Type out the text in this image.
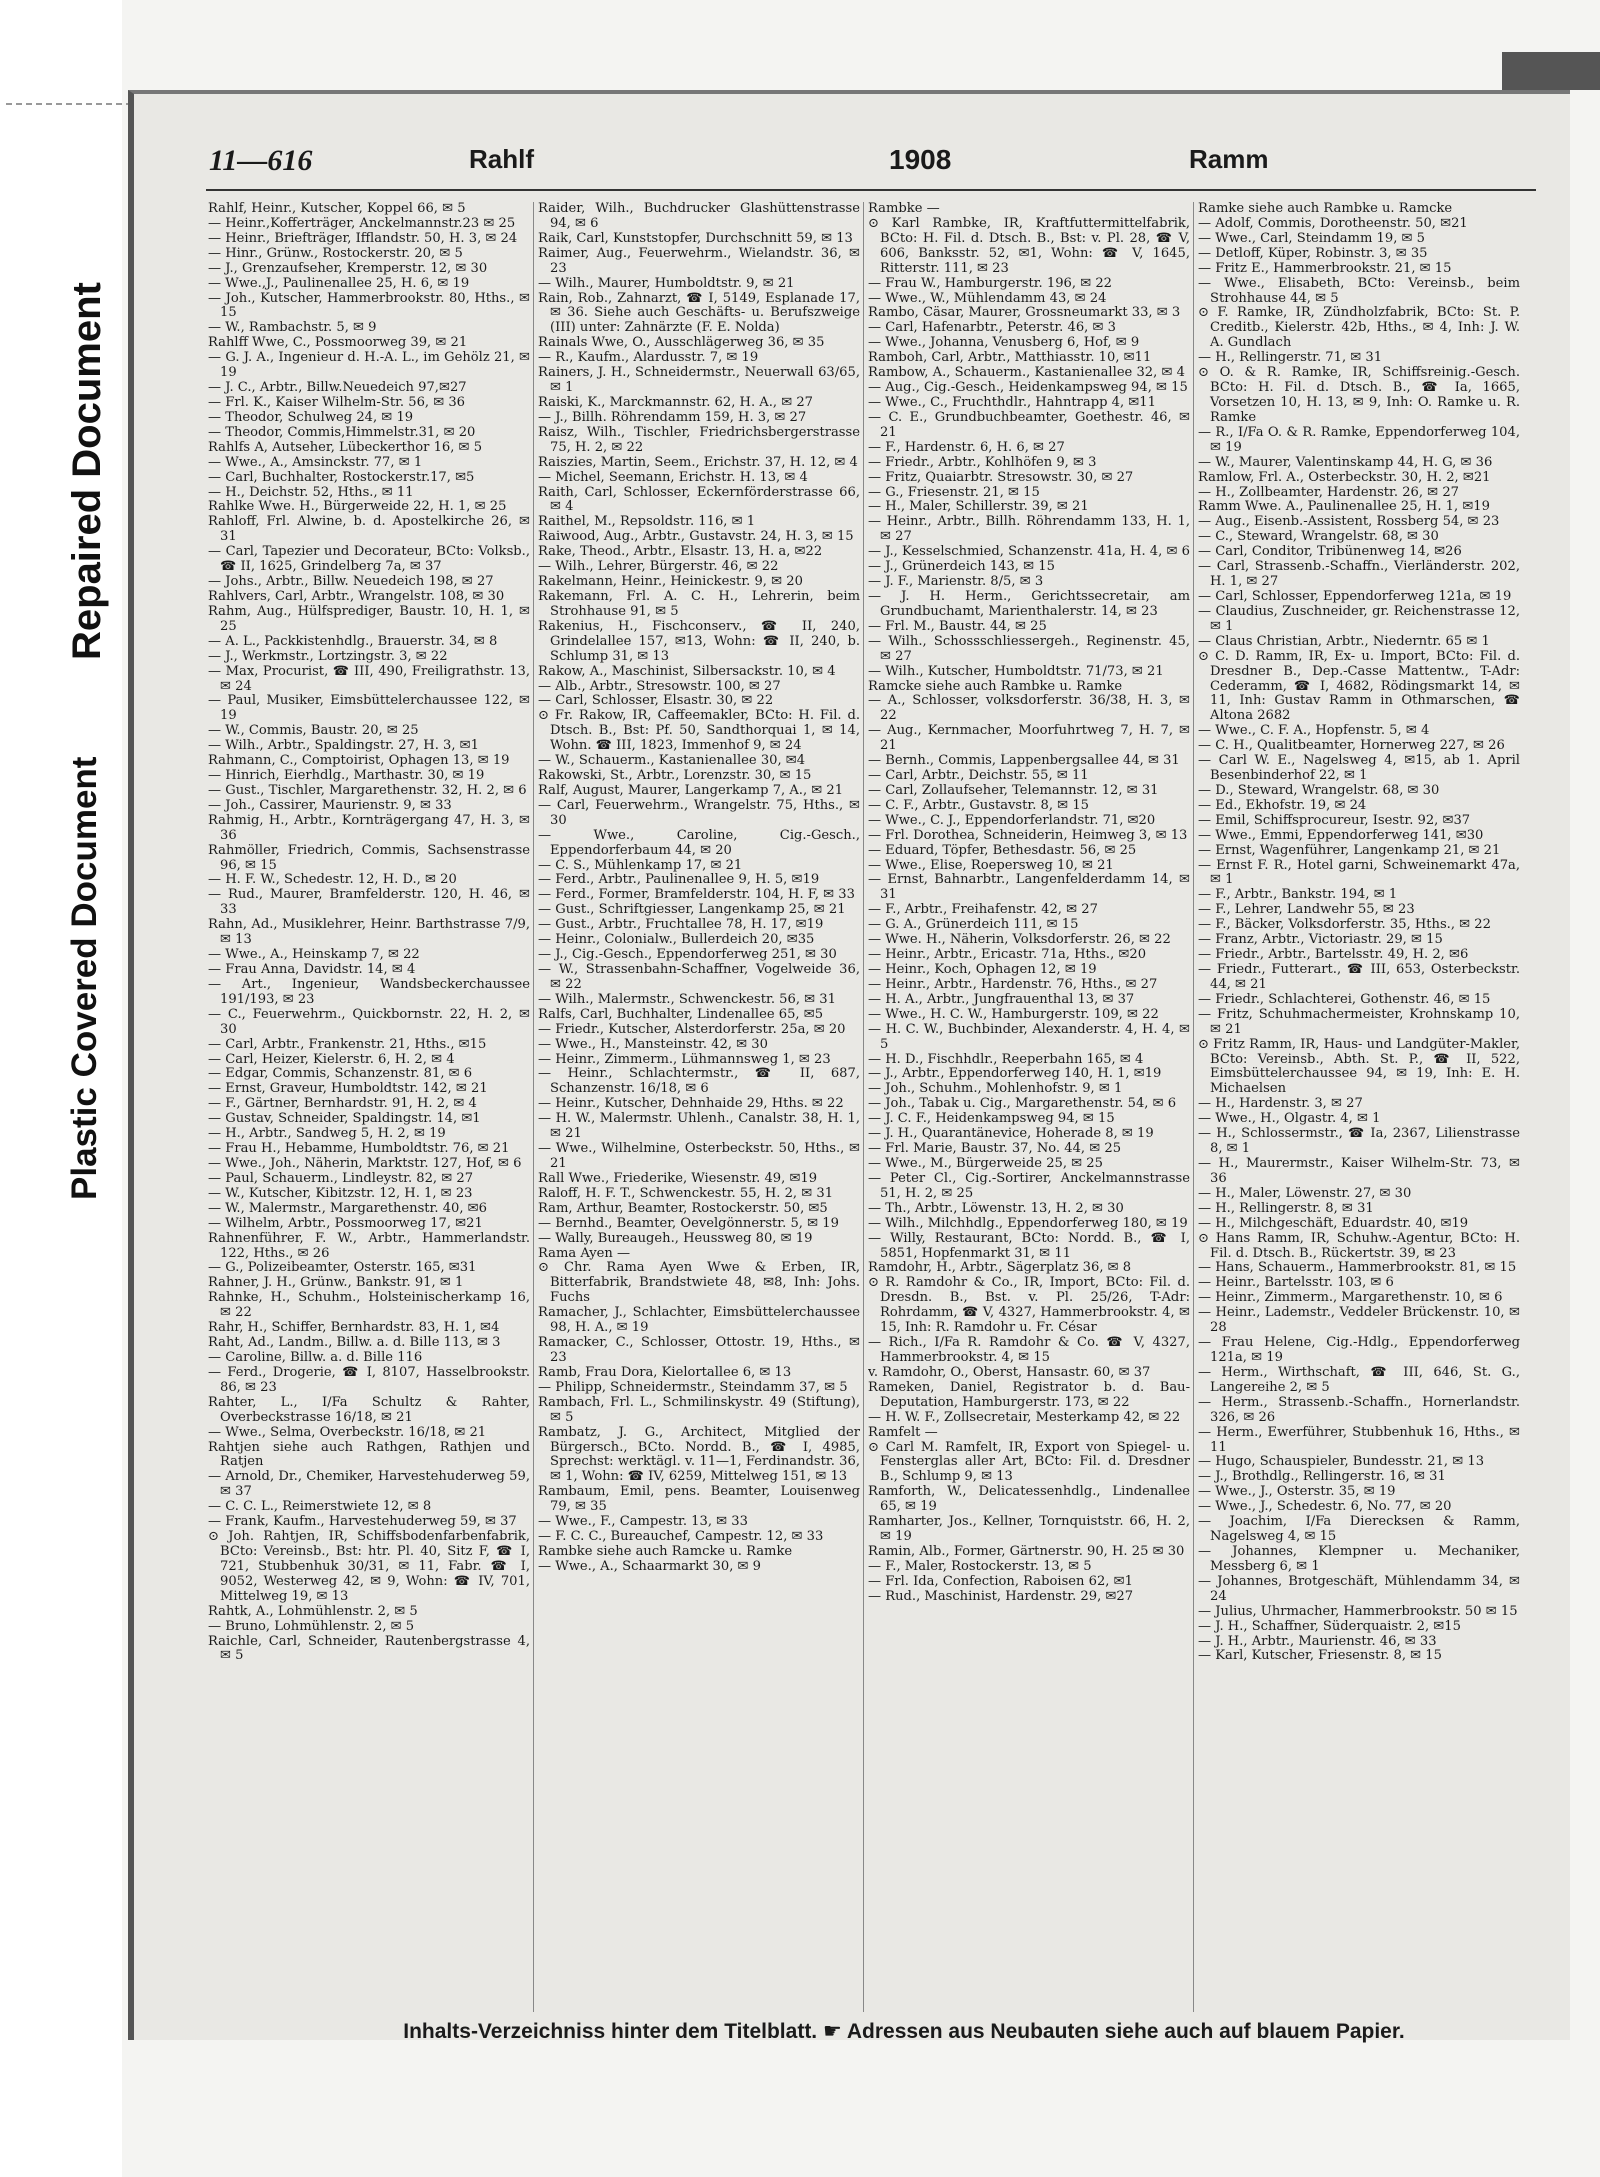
Repaired Document
Plastic Covered Document
11—616	Rahlf	1908	Ramm

Rahlf, Heinr., Kutscher, Koppel 66, ✉ 5

— Heinr.,Kofferträger, Anckelmannstr.23 ✉ 25

— Heinr., Briefträger, Ifflandstr. 50, H. 3, ✉ 24

— Hinr., Grünw., Rostockerstr. 20, ✉ 5

— J., Grenzaufseher, Kremperstr. 12, ✉ 30

— Wwe.,J., Paulinenallee 25, H. 6, ✉ 19

— Joh., Kutscher, Hammerbrookstr. 80, Hths., ✉ 15

— W., Rambachstr. 5, ✉ 9

Rahlff Wwe, C., Possmoorweg 39, ✉ 21

— G. J. A., Ingenieur d. H.-A. L., im Gehölz 21, ✉ 19

— J. C., Arbtr., Billw.Neuedeich 97,✉27

— Frl. K., Kaiser Wilhelm-Str. 56, ✉ 36

— Theodor, Schulweg 24, ✉ 19

— Theodor, Commis,Himmelstr.31, ✉ 20

Rahlfs A, Autseher, Lübeckerthor 16, ✉ 5

— Wwe., A., Amsinckstr. 77, ✉ 1

— Carl, Buchhalter, Rostockerstr.17, ✉5

— H., Deichstr. 52, Hths., ✉ 11

Rahlke Wwe. H., Bürgerweide 22, H. 1, ✉ 25

Rahloff, Frl. Alwine, b. d. Apostelkirche 26, ✉ 31

— Carl, Tapezier und Decorateur, BCto: Volksb., ☎ II, 1625, Grindelberg 7a, ✉ 37

— Johs., Arbtr., Billw. Neuedeich 198, ✉ 27

Rahlvers, Carl, Arbtr., Wrangelstr. 108, ✉ 30

Rahm, Aug., Hülfsprediger, Baustr. 10, H. 1, ✉ 25

— A. L., Packkistenhdlg., Brauerstr. 34, ✉ 8

— J., Werkmstr., Lortzingstr. 3, ✉ 22

— Max, Procurist, ☎ III, 490, Freiligrathstr. 13, ✉ 24

— Paul, Musiker, Eimsbüttelerchaussee 122, ✉ 19

— W., Commis, Baustr. 20, ✉ 25

— Wilh., Arbtr., Spaldingstr. 27, H. 3, ✉1

Rahmann, C., Comptoirist, Ophagen 13, ✉ 19

— Hinrich, Eierhdlg., Marthastr. 30, ✉ 19

— Gust., Tischler, Margarethenstr. 32, H. 2, ✉ 6

— Joh., Cassirer, Maurienstr. 9, ✉ 33

Rahmig, H., Arbtr., Kornträgergang 47, H. 3, ✉ 36

Rahmöller, Friedrich, Commis, Sachsenstrasse 96, ✉ 15

— H. F. W., Schedestr. 12, H. D., ✉ 20

— Rud., Maurer, Bramfelderstr. 120, H. 46, ✉ 33

Rahn, Ad., Musiklehrer, Heinr. Barthstrasse 7/9, ✉ 13

— Wwe., A., Heinskamp 7, ✉ 22

— Frau Anna, Davidstr. 14, ✉ 4

— Art., Ingenieur, Wandsbeckerchaussee 191/193, ✉ 23

— C., Feuerwehrm., Quickbornstr. 22, H. 2, ✉ 30

— Carl, Arbtr., Frankenstr. 21, Hths., ✉15

— Carl, Heizer, Kielerstr. 6, H. 2, ✉ 4

— Edgar, Commis, Schanzenstr. 81, ✉ 6

— Ernst, Graveur, Humboldtstr. 142, ✉ 21

— F., Gärtner, Bernhardstr. 91, H. 2, ✉ 4

— Gustav, Schneider, Spaldingstr. 14, ✉1

— H., Arbtr., Sandweg 5, H. 2, ✉ 19

— Frau H., Hebamme, Humboldtstr. 76, ✉ 21

— Wwe., Joh., Näherin, Marktstr. 127, Hof, ✉ 6

— Paul, Schauerm., Lindleystr. 82, ✉ 27

— W., Kutscher, Kibitzstr. 12, H. 1, ✉ 23

— W., Malermstr., Margarethenstr. 40, ✉6

— Wilhelm, Arbtr., Possmoorweg 17, ✉21

Rahnenführer, F. W., Arbtr., Hammerlandstr. 122, Hths., ✉ 26

— G., Polizeibeamter, Osterstr. 165, ✉31

Rahner, J. H., Grünw., Bankstr. 91, ✉ 1

Rahnke, H., Schuhm., Holsteinischerkamp 16, ✉ 22

Rahr, H., Schiffer, Bernhardstr. 83, H. 1, ✉4

Raht, Ad., Landm., Billw. a. d. Bille 113, ✉ 3

— Caroline, Billw. a. d. Bille 116

— Ferd., Drogerie, ☎ I, 8107, Hasselbrookstr. 86, ✉ 23

Rahter, L., I/Fa Schultz & Rahter, Overbeckstrasse 16/18, ✉ 21

— Wwe., Selma, Overbeckstr. 16/18, ✉ 21

Rahtjen siehe auch Rathgen, Rathjen und Ratjen

— Arnold, Dr., Chemiker, Harvestehuderweg 59, ✉ 37

— C. C. L., Reimerstwiete 12, ✉ 8

— Frank, Kaufm., Harvestehuderweg 59, ✉ 37

⊙ Joh. Rahtjen, IR, Schiffsbodenfarbenfabrik, BCto: Vereinsb., Bst: htr. Pl. 40, Sitz F, ☎ I, 721, Stubbenhuk 30/31, ✉ 11, Fabr. ☎ I, 9052, Westerweg 42, ✉ 9, Wohn: ☎ IV, 701, Mittelweg 19, ✉ 13

Rahtk, A., Lohmühlenstr. 2, ✉ 5

— Bruno, Lohmühlenstr. 2, ✉ 5

Raichle, Carl, Schneider, Rautenbergstrasse 4, ✉ 5

Raider, Wilh., Buchdrucker Glashüttenstrasse 94, ✉ 6

Raik, Carl, Kunststopfer, Durchschnitt 59, ✉ 13

Raimer, Aug., Feuerwehrm., Wielandstr. 36, ✉ 23

— Wilh., Maurer, Humboldtstr. 9, ✉ 21

Rain, Rob., Zahnarzt, ☎ I, 5149, Esplanade 17, ✉ 36. Siehe auch Geschäfts- u. Berufszweige (III) unter: Zahnärzte (F. E. Nolda)

Rainals Wwe, O., Ausschlägerweg 36, ✉ 35

— R., Kaufm., Alardusstr. 7, ✉ 19

Rainers, J. H., Schneidermstr., Neuerwall 63/65, ✉ 1

Raiski, K., Marckmannstr. 62, H. A., ✉ 27

— J., Billh. Röhrendamm 159, H. 3, ✉ 27

Raisz, Wilh., Tischler, Friedrichsbergerstrasse 75, H. 2, ✉ 22

Raiszies, Martin, Seem., Erichstr. 37, H. 12, ✉ 4

— Michel, Seemann, Erichstr. H. 13, ✉ 4

Raith, Carl, Schlosser, Eckernförderstrasse 66, ✉ 4

Raithel, M., Repsoldstr. 116, ✉ 1

Raiwood, Aug., Arbtr., Gustavstr. 24, H. 3, ✉ 15

Rake, Theod., Arbtr., Elsastr. 13, H. a, ✉22

— Wilh., Lehrer, Bürgerstr. 46, ✉ 22

Rakelmann, Heinr., Heinickestr. 9, ✉ 20

Rakemann, Frl. A. C. H., Lehrerin, beim Strohhause 91, ✉ 5

Rakenius, H., Fischconserv., ☎ II, 240, Grindelallee 157, ✉13, Wohn: ☎ II, 240, b. Schlump 31, ✉ 13

Rakow, A., Maschinist, Silbersackstr. 10, ✉ 4

— Alb., Arbtr., Stresowstr. 100, ✉ 27

— Carl, Schlosser, Elsastr. 30, ✉ 22

⊙ Fr. Rakow, IR, Caffeemakler, BCto: H. Fil. d. Dtsch. B., Bst: Pf. 50, Sandthorquai 1, ✉ 14, Wohn. ☎ III, 1823, Immenhof 9, ✉ 24

— W., Schauerm., Kastanienallee 30, ✉4

Rakowski, St., Arbtr., Lorenzstr. 30, ✉ 15

Ralf, August, Maurer, Langerkamp 7, A., ✉ 21

— Carl, Feuerwehrm., Wrangelstr. 75, Hths., ✉ 30

— Wwe., Caroline, Cig.-Gesch., Eppendorferbaum 44, ✉ 20

— C. S., Mühlenkamp 17, ✉ 21

— Ferd., Arbtr., Paulinenallee 9, H. 5, ✉19

— Ferd., Former, Bramfelderstr. 104, H. F, ✉ 33

— Gust., Schriftgiesser, Langenkamp 25, ✉ 21

— Gust., Arbtr., Fruchtallee 78, H. 17, ✉19

— Heinr., Colonialw., Bullerdeich 20, ✉35

— J., Cig.-Gesch., Eppendorferweg 251, ✉ 30

— W., Strassenbahn-Schaffner, Vogelweide 36, ✉ 22

— Wilh., Malermstr., Schwenckestr. 56, ✉ 31

Ralfs, Carl, Buchhalter, Lindenallee 65, ✉5

— Friedr., Kutscher, Alsterdorferstr. 25a, ✉ 20

— Wwe., H., Mansteinstr. 42, ✉ 30

— Heinr., Zimmerm., Lühmannsweg 1, ✉ 23

— Heinr., Schlachtermstr., ☎ II, 687, Schanzenstr. 16/18, ✉ 6

— Heinr., Kutscher, Dehnhaide 29, Hths. ✉ 22

— H. W., Malermstr. Uhlenh., Canalstr. 38, H. 1, ✉ 21

— Wwe., Wilhelmine, Osterbeckstr. 50, Hths., ✉ 21

Rall Wwe., Friederike, Wiesenstr. 49, ✉19

Raloff, H. F. T., Schwenckestr. 55, H. 2, ✉ 31

Ram, Arthur, Beamter, Rostockerstr. 50, ✉5

— Bernhd., Beamter, Oevelgönnerstr. 5, ✉ 19

— Wally, Bureaugeh., Heussweg 80, ✉ 19

Rama Ayen —

⊙ Chr. Rama Ayen Wwe & Erben, IR, Bitterfabrik, Brandstwiete 48, ✉8, Inh: Johs. Fuchs

Ramacher, J., Schlachter, Eimsbüttelerchaussee 98, H. A., ✉ 19

Ramacker, C., Schlosser, Ottostr. 19, Hths., ✉ 23

Ramb, Frau Dora, Kielortallee 6, ✉ 13

— Philipp, Schneidermstr., Steindamm 37, ✉ 5

Rambach, Frl. L., Schmilinskystr. 49 (Stiftung), ✉ 5

Rambatz, J. G., Architect, Mitglied der Bürgersch., BCto. Nordd. B., ☎ I, 4985, Sprechst: werktägl. v. 11—1, Ferdinandstr. 36, ✉ 1, Wohn: ☎ IV, 6259, Mittelweg 151, ✉ 13

Rambaum, Emil, pens. Beamter, Louisenweg 79, ✉ 35

— Wwe., F., Campestr. 13, ✉ 33

— F. C. C., Bureauchef, Campestr. 12, ✉ 33

Rambke siehe auch Ramcke u. Ramke

— Wwe., A., Schaarmarkt 30, ✉ 9

Rambke —

⊙ Karl Rambke, IR, Kraftfuttermittelfabrik, BCto: H. Fil. d. Dtsch. B., Bst: v. Pl. 28, ☎ V, 606, Banksstr. 52, ✉1, Wohn: ☎ V, 1645, Ritterstr. 111, ✉ 23

— Frau W., Hamburgerstr. 196, ✉ 22

— Wwe., W., Mühlendamm 43, ✉ 24

Rambo, Cäsar, Maurer, Grossneumarkt 33, ✉ 3

— Carl, Hafenarbtr., Peterstr. 46, ✉ 3

— Wwe., Johanna, Venusberg 6, Hof, ✉ 9

Ramboh, Carl, Arbtr., Matthiasstr. 10, ✉11

Rambow, A., Schauerm., Kastanienallee 32, ✉ 4

— Aug., Cig.-Gesch., Heidenkampsweg 94, ✉ 15

— Wwe., C., Fruchthdlr., Hahntrapp 4, ✉11

— C. E., Grundbuchbeamter, Goethestr. 46, ✉ 21

— F., Hardenstr. 6, H. 6, ✉ 27

— Friedr., Arbtr., Kohlhöfen 9, ✉ 3

— Fritz, Quaiarbtr. Stresowstr. 30, ✉ 27

— G., Friesenstr. 21, ✉ 15

— H., Maler, Schillerstr. 39, ✉ 21

— Heinr., Arbtr., Billh. Röhrendamm 133, H. 1, ✉ 27

— J., Kesselschmied, Schanzenstr. 41a, H. 4, ✉ 6

— J., Grünerdeich 143, ✉ 15

— J. F., Marienstr. 8/5, ✉ 3

— J. H. Herm., Gerichtssecretair, am Grundbuchamt, Marienthalerstr. 14, ✉ 23

— Frl. M., Baustr. 44, ✉ 25

— Wilh., Schossschliessergeh., Reginenstr. 45, ✉ 27

— Wilh., Kutscher, Humboldtstr. 71/73, ✉ 21

Ramcke siehe auch Rambke u. Ramke

— A., Schlosser, volksdorferstr. 36/38, H. 3, ✉ 22

— Aug., Kernmacher, Moorfuhrtweg 7, H. 7, ✉ 21

— Bernh., Commis, Lappenbergsallee 44, ✉ 31

— Carl, Arbtr., Deichstr. 55, ✉ 11

— Carl, Zollaufseher, Telemannstr. 12, ✉ 31

— C. F., Arbtr., Gustavstr. 8, ✉ 15

— Wwe., C. J., Eppendorferlandstr. 71, ✉20

— Frl. Dorothea, Schneiderin, Heimweg 3, ✉ 13

— Eduard, Töpfer, Bethesdastr. 56, ✉ 25

— Wwe., Elise, Roepersweg 10, ✉ 21

— Ernst, Bahnarbtr., Langenfelderdamm 14, ✉ 31

— F., Arbtr., Freihafenstr. 42, ✉ 27

— G. A., Grünerdeich 111, ✉ 15

— Wwe. H., Näherin, Volksdorferstr. 26, ✉ 22

— Heinr., Arbtr., Ericastr. 71a, Hths., ✉20

— Heinr., Koch, Ophagen 12, ✉ 19

— Heinr., Arbtr., Hardenstr. 76, Hths., ✉ 27

— H. A., Arbtr., Jungfrauenthal 13, ✉ 37

— Wwe., H. C. W., Hamburgerstr. 109, ✉ 22

— H. C. W., Buchbinder, Alexanderstr. 4, H. 4, ✉ 5

— H. D., Fischhdlr., Reeperbahn 165, ✉ 4

— J., Arbtr., Eppendorferweg 140, H. 1, ✉19

— Joh., Schuhm., Mohlenhofstr. 9, ✉ 1

— Joh., Tabak u. Cig., Margarethenstr. 54, ✉ 6

— J. C. F., Heidenkampsweg 94, ✉ 15

— J. H., Quarantänevice, Hoherade 8, ✉ 19

— Frl. Marie, Baustr. 37, No. 44, ✉ 25

— Wwe., M., Bürgerweide 25, ✉ 25

— Peter Cl., Cig.-Sortirer, Anckelmannstrasse 51, H. 2, ✉ 25

— Th., Arbtr., Löwenstr. 13, H. 2, ✉ 30

— Wilh., Milchhdlg., Eppendorferweg 180, ✉ 19

— Willy, Restaurant, BCto: Nordd. B., ☎ I, 5851, Hopfenmarkt 31, ✉ 11

Ramdohr, H., Arbtr., Sägerplatz 36, ✉ 8

⊙ R. Ramdohr & Co., IR, Import, BCto: Fil. d. Dresdn. B., Bst. v. Pl. 25/26, T-Adr: Rohrdamm, ☎ V, 4327, Hammerbrookstr. 4, ✉ 15, Inh: R. Ramdohr u. Fr. César

— Rich., I/Fa R. Ramdohr & Co. ☎ V, 4327, Hammerbrookstr. 4, ✉ 15

v. Ramdohr, O., Oberst, Hansastr. 60, ✉ 37

Rameken, Daniel, Registrator b. d. Bau-Deputation, Hamburgerstr. 173, ✉ 22

— H. W. F., Zollsecretair, Mesterkamp 42, ✉ 22

Ramfelt —

⊙ Carl M. Ramfelt, IR, Export von Spiegel- u. Fensterglas aller Art, BCto: Fil. d. Dresdner B., Schlump 9, ✉ 13

Ramforth, W., Delicatessenhdlg., Lindenallee 65, ✉ 19

Ramharter, Jos., Kellner, Tornquiststr. 66, H. 2, ✉ 19

Ramin, Alb., Former, Gärtnerstr. 90, H. 25 ✉ 30

— F., Maler, Rostockerstr. 13, ✉ 5

— Frl. Ida, Confection, Raboisen 62, ✉1

— Rud., Maschinist, Hardenstr. 29, ✉27

Ramke siehe auch Rambke u. Ramcke

— Adolf, Commis, Dorotheenstr. 50, ✉21

— Wwe., Carl, Steindamm 19, ✉ 5

— Detloff, Küper, Robinstr. 3, ✉ 35

— Fritz E., Hammerbrookstr. 21, ✉ 15

— Wwe., Elisabeth, BCto: Vereinsb., beim Strohhause 44, ✉ 5

⊙ F. Ramke, IR, Zündholzfabrik, BCto: St. P. Creditb., Kielerstr. 42b, Hths., ✉ 4, Inh: J. W. A. Gundlach

— H., Rellingerstr. 71, ✉ 31

⊙ O. & R. Ramke, IR, Schiffsreinig.-Gesch. BCto: H. Fil. d. Dtsch. B., ☎ Ia, 1665, Vorsetzen 10, H. 13, ✉ 9, Inh: O. Ramke u. R. Ramke

— R., I/Fa O. & R. Ramke, Eppendorferweg 104, ✉ 19

— W., Maurer, Valentinskamp 44, H. G, ✉ 36

Ramlow, Frl. A., Osterbeckstr. 30, H. 2, ✉21

— H., Zollbeamter, Hardenstr. 26, ✉ 27

Ramm Wwe. A., Paulinenallee 25, H. 1, ✉19

— Aug., Eisenb.-Assistent, Rossberg 54, ✉ 23

— C., Steward, Wrangelstr. 68, ✉ 30

— Carl, Conditor, Tribünenweg 14, ✉26

— Carl, Strassenb.-Schaffn., Vierländerstr. 202, H. 1, ✉ 27

— Carl, Schlosser, Eppendorferweg 121a, ✉ 19

— Claudius, Zuschneider, gr. Reichenstrasse 12, ✉ 1

— Claus Christian, Arbtr., Niederntr. 65 ✉ 1

⊙ C. D. Ramm, IR, Ex- u. Import, BCto: Fil. d. Dresdner B., Dep.-Casse Mattentw., T-Adr: Cederamm, ☎ I, 4682, Rödingsmarkt 14, ✉ 11, Inh: Gustav Ramm in Othmarschen, ☎ Altona 2682

— Wwe., C. F. A., Hopfenstr. 5, ✉ 4

— C. H., Qualitbeamter, Hornerweg 227, ✉ 26

— Carl W. E., Nagelsweg 4, ✉15, ab 1. April Besenbinderhof 22, ✉ 1

— D., Steward, Wrangelstr. 68, ✉ 30

— Ed., Ekhofstr. 19, ✉ 24

— Emil, Schiffsprocureur, Isestr. 92, ✉37

— Wwe., Emmi, Eppendorferweg 141, ✉30

— Ernst, Wagenführer, Langenkamp 21, ✉ 21

— Ernst F. R., Hotel garni, Schweinemarkt 47a, ✉ 1

— F., Arbtr., Bankstr. 194, ✉ 1

— F., Lehrer, Landwehr 55, ✉ 23

— F., Bäcker, Volksdorferstr. 35, Hths., ✉ 22

— Franz, Arbtr., Victoriastr. 29, ✉ 15

— Friedr., Arbtr., Bartelsstr. 49, H. 2, ✉6

— Friedr., Futterart., ☎ III, 653, Osterbeckstr. 44, ✉ 21

— Friedr., Schlachterei, Gothenstr. 46, ✉ 15

— Fritz, Schuhmachermeister, Krohnskamp 10, ✉ 21

⊙ Fritz Ramm, IR, Haus- und Landgüter-Makler, BCto: Vereinsb., Abth. St. P., ☎ II, 522, Eimsbüttelerchaussee 94, ✉ 19, Inh: E. H. Michaelsen

— H., Hardenstr. 3, ✉ 27

— Wwe., H., Olgastr. 4, ✉ 1

— H., Schlossermstr., ☎ Ia, 2367, Lilienstrasse 8, ✉ 1

— H., Maurermstr., Kaiser Wilhelm-Str. 73, ✉ 36

— H., Maler, Löwenstr. 27, ✉ 30

— H., Rellingerstr. 8, ✉ 31

— H., Milchgeschäft, Eduardstr. 40, ✉19

⊙ Hans Ramm, IR, Schuhw.-Agentur, BCto: H. Fil. d. Dtsch. B., Rückertstr. 39, ✉ 23

— Hans, Schauerm., Hammerbrookstr. 81, ✉ 15

— Heinr., Bartelsstr. 103, ✉ 6

— Heinr., Zimmerm., Margarethenstr. 10, ✉ 6

— Heinr., Lademstr., Veddeler Brückenstr. 10, ✉ 28

— Frau Helene, Cig.-Hdlg., Eppendorferweg 121a, ✉ 19

— Herm., Wirthschaft, ☎ III, 646, St. G., Langereihe 2, ✉ 5

— Herm., Strassenb.-Schaffn., Hornerlandstr. 326, ✉ 26

— Herm., Ewerführer, Stubbenhuk 16, Hths., ✉ 11

— Hugo, Schauspieler, Bundesstr. 21, ✉ 13

— J., Brothdlg., Rellingerstr. 16, ✉ 31

— Wwe., J., Osterstr. 35, ✉ 19

— Wwe., J., Schedestr. 6, No. 77, ✉ 20

— Joachim, I/Fa Dierecksen & Ramm, Nagelsweg 4, ✉ 15

— Johannes, Klempner u. Mechaniker, Messberg 6, ✉ 1

— Johannes, Brotgeschäft, Mühlendamm 34, ✉ 24

— Julius, Uhrmacher, Hammerbrookstr. 50 ✉ 15

— J. H., Schaffner, Süderquaistr. 2, ✉15

— J. H., Arbtr., Maurienstr. 46, ✉ 33

— Karl, Kutscher, Friesenstr. 8, ✉ 15

Inhalts-Verzeichniss hinter dem Titelblatt. ☛ Adressen aus Neubauten siehe auch auf blauem Papier.
